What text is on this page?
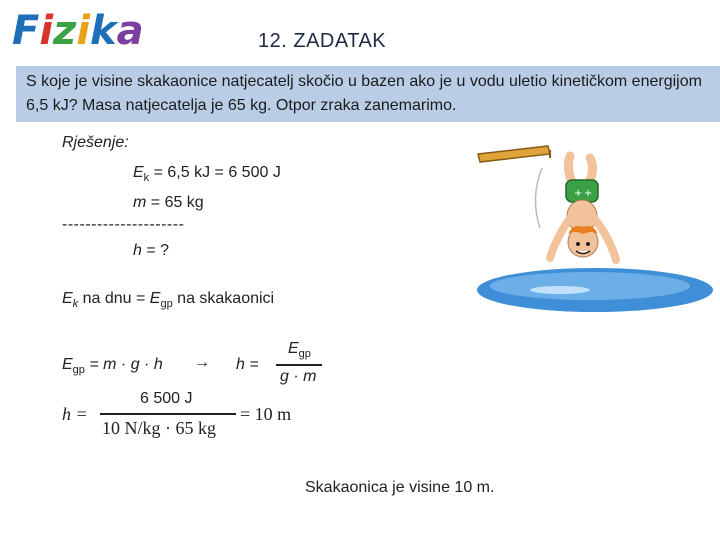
Fizika	12. ZADATAK
S koje je visine skakaonice natjecatelj skočio u bazen ako je u vodu uletio kinetičkom energijom 6,5 kJ? Masa natjecatelja je 65 kg. Otpor zraka zanemarimo.
Rješenje:
$E_k = 6,5$ kJ = 6 500 J
m = 65 kg
---------------------
h = ?
$E_k$ na dnu = $E_{gp}$ na skakaonici
$E_{gp} = m \cdot g \cdot h \to h$ =
$E_{gp}$
g · m
h =
6 500 J
10 N/kg · 65 kg
= 10 m
Skakaonica je visine 10 m.
+ +
